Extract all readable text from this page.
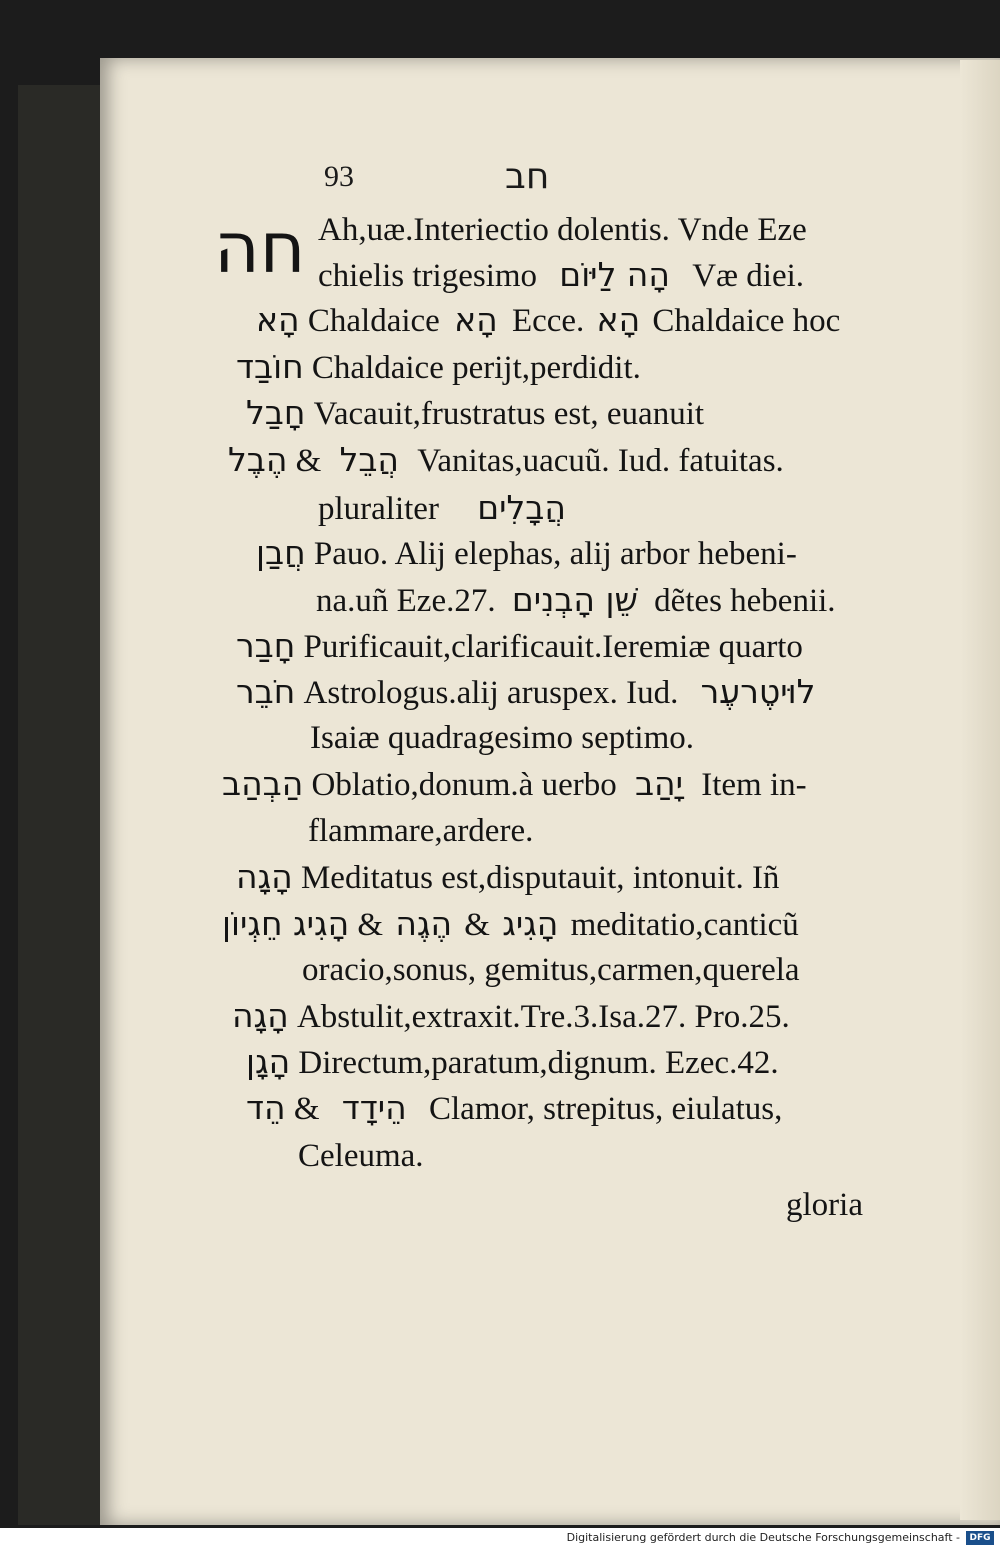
93	חב
חה Ah,uæ.Interiectio dolentis. Vnde Eze
chielis trigesimo הָה לַיּוֹם Væ diei.
הָא Chaldaice הָא Ecce. הָא Chaldaice hoc
חוֹבַד Chaldaice perijt,perdidit.
חָבַל Vacauit,frustratus est, euanuit
הֶבֶל & הֲבֵל Vanitas,uacuũ. Iud. fatuitas.
pluraliter הֲבָלִים
חֲבַן Pauo. Alij elephas, alij arbor hebeni-
na.uñ Eze.27. שֵׁן הָבְנִים dẽtes hebenii.
חָבַר Purificauit,clarificauit.Ieremiæ quarto
חֹבֵר Astrologus.alij aruspex. Iud. לוּיטֶרעֶר
Isaiæ quadragesimo septimo.
הַבְהַב Oblatio,donum.à uerbo יָהַב Item in-
flammare,ardere.
הָגָה Meditatus est,disputauit, intonuit. Iñ
הָגִיג חֵגְיוֹן & הֶגֶה & הָגִיג meditatio,canticũ
oracio,sonus, gemitus,carmen,querela
הָגָה Abstulit,extraxit.Tre.3.Isa.27. Pro.25.
הָגָן Directum,paratum,dignum. Ezec.42.
הֵד & הֵידָד Clamor, strepitus, eiulatus,
Celeuma.
gloria
Digitalisierung gefördert durch die Deutsche Forschungsgemeinschaft -	DFG
